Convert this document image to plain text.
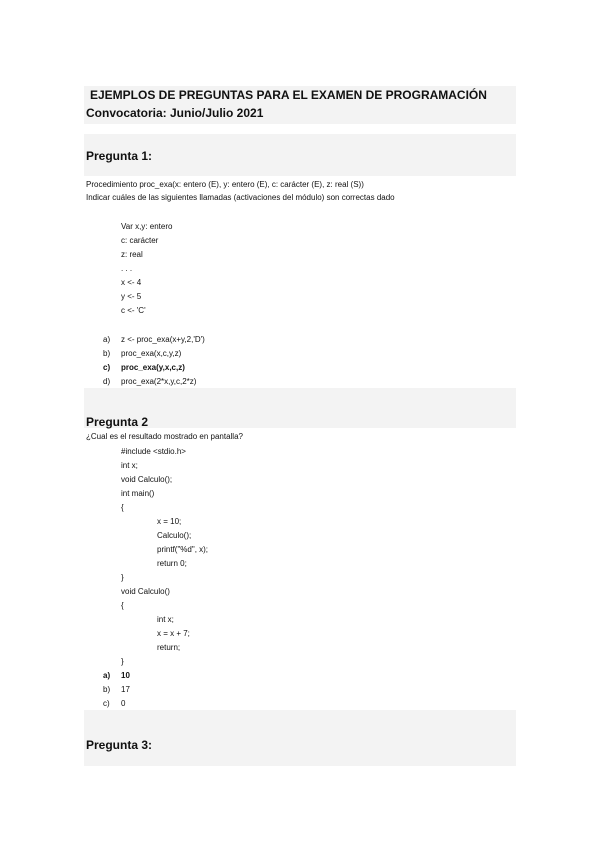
EJEMPLOS DE PREGUNTAS PARA EL EXAMEN DE PROGRAMACIÓN
Convocatoria: Junio/Julio 2021
Pregunta 1:
Procedimiento proc_exa(x: entero (E), y: entero (E), c: carácter (E), z: real (S))
Indicar cuáles de las siguientes llamadas (activaciones del módulo) son correctas dado
Var x,y: entero
c: carácter
z: real
. . .
x <- 4
y <- 5
c <- 'C'
a) z <- proc_exa(x+y,2,'D')
b) proc_exa(x,c,y,z)
c) proc_exa(y,x,c,z)
d) proc_exa(2*x,y,c,2*z)
Pregunta 2
¿Cual es el resultado mostrado en pantalla?
#include <stdio.h>
int x;
void Calculo();
int main()
{
x = 10;
Calculo();
printf("%d", x);
return 0;
}
void Calculo()
{
int x;
x = x + 7;
return;
}
a) 10
b) 17
c) 0
Pregunta 3:
